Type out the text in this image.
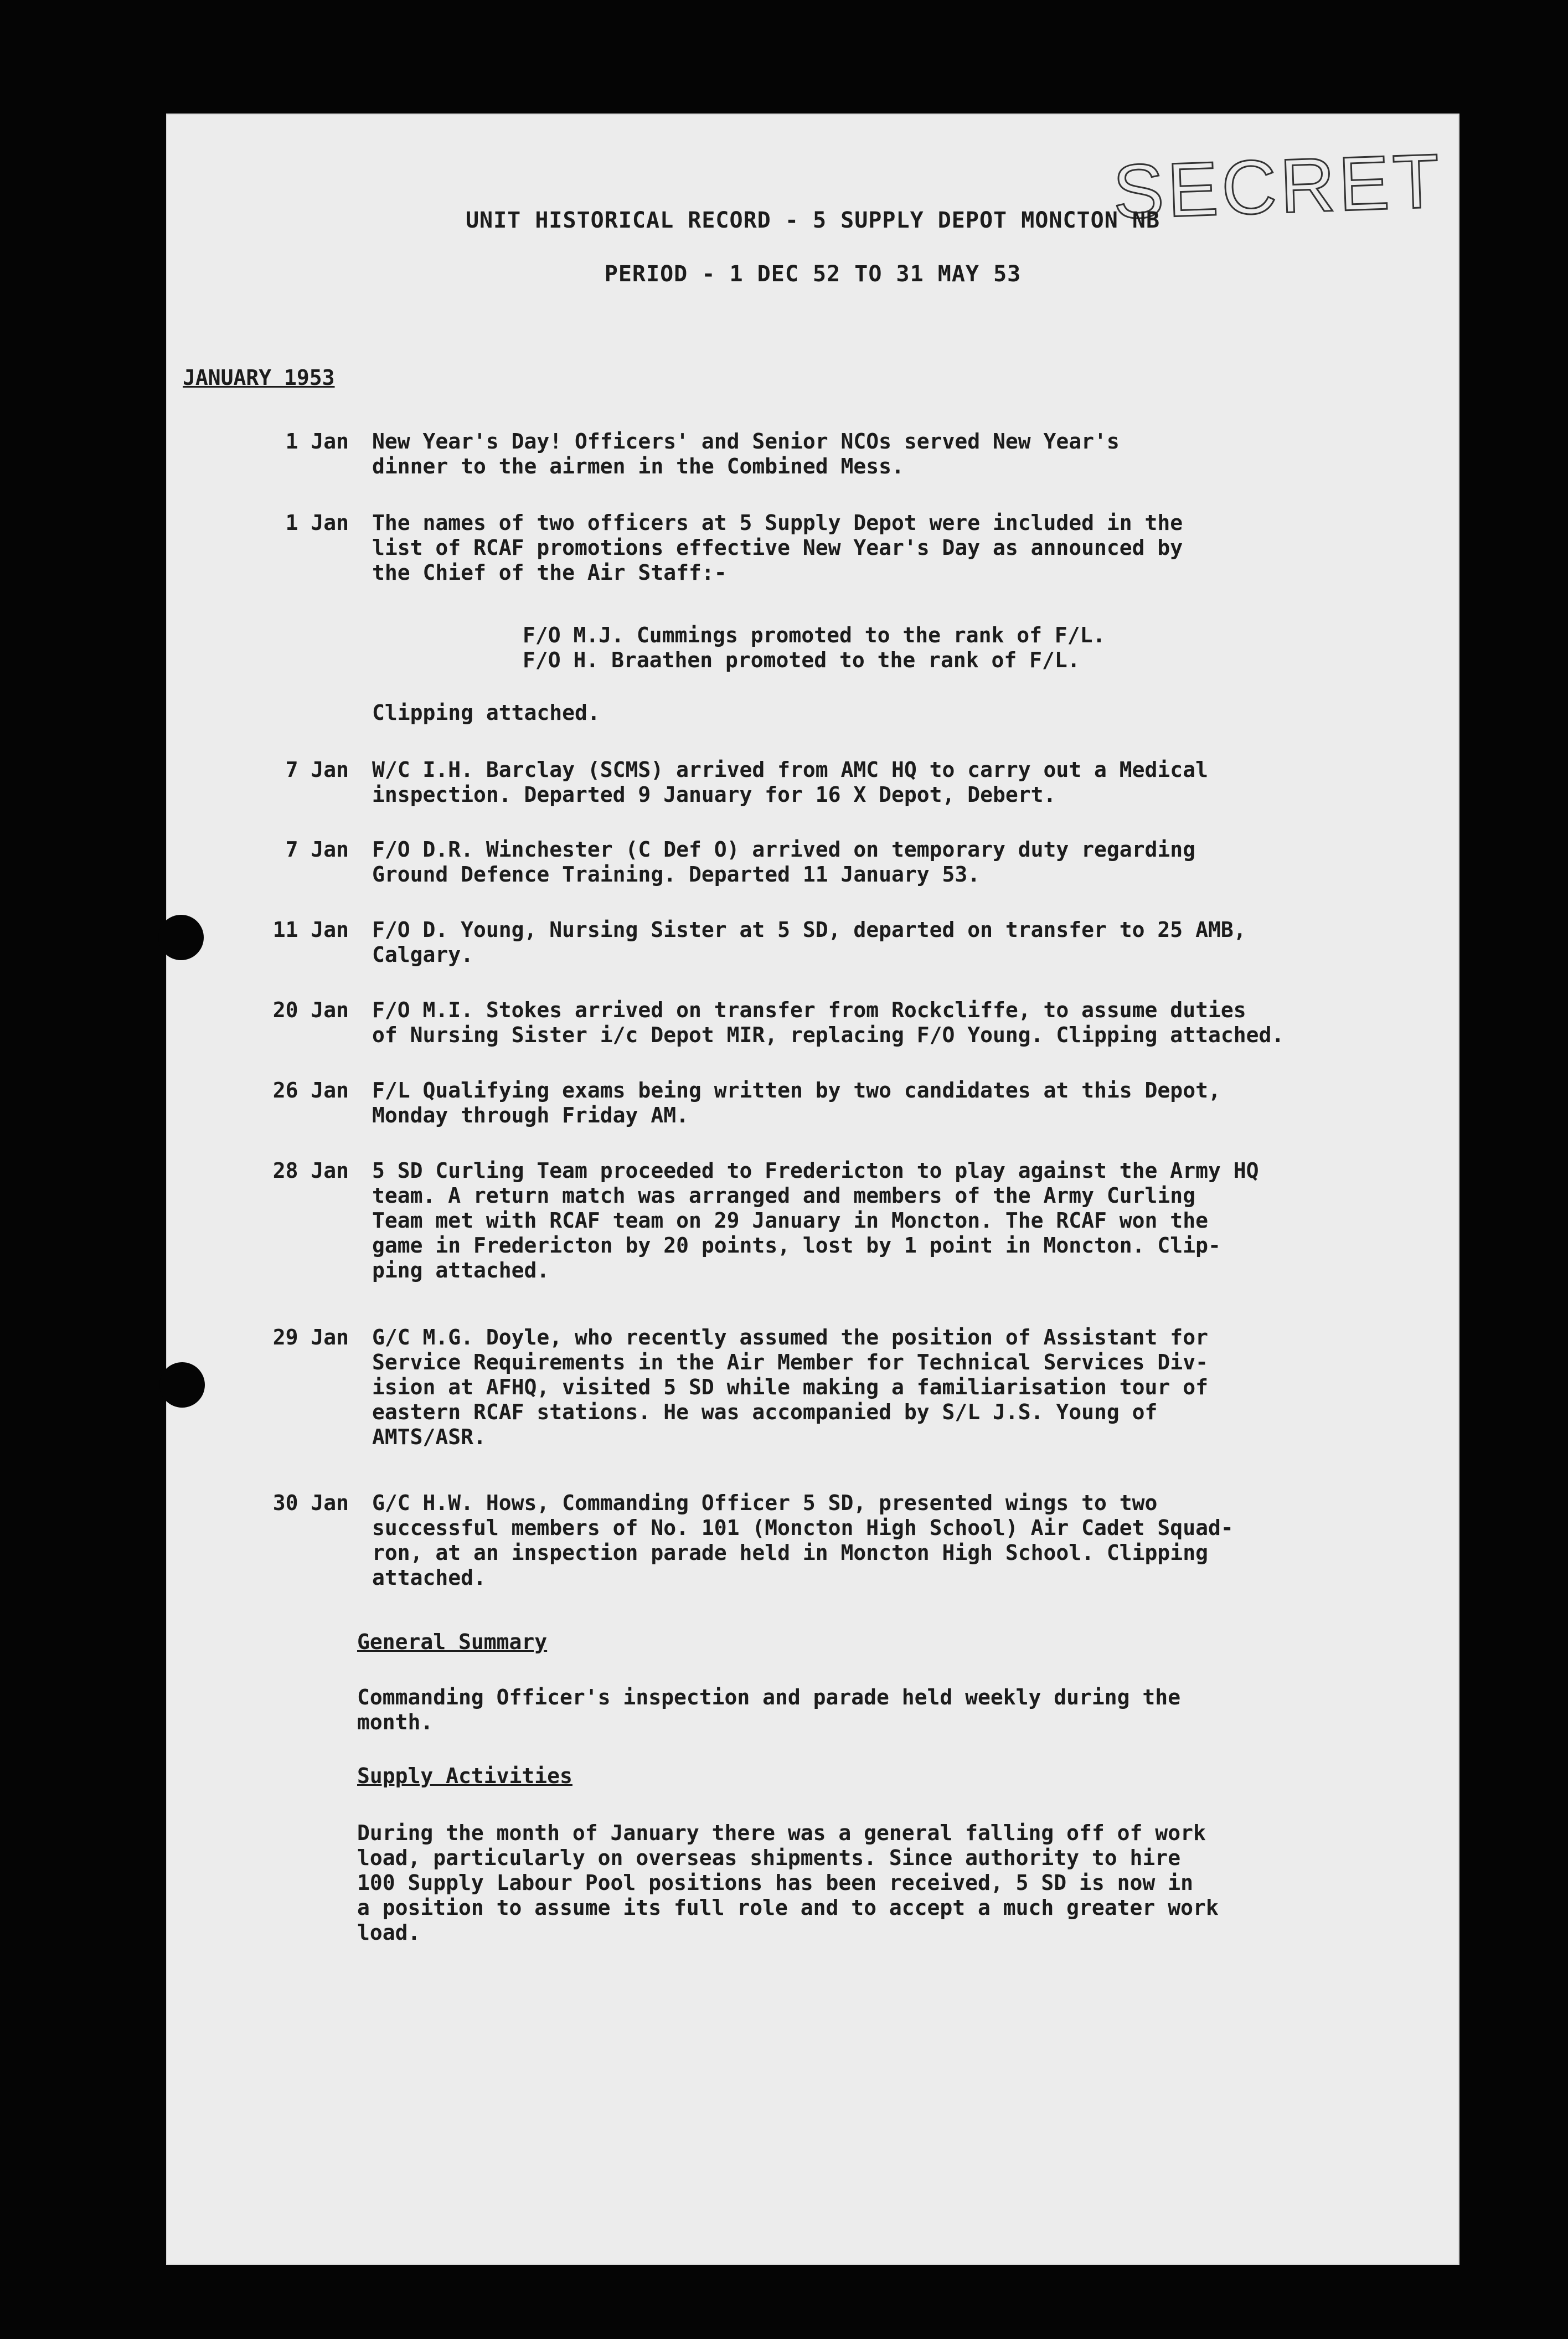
SECRET
UNIT HISTORICAL RECORD - 5 SUPPLY DEPOT MONCTON NB
PERIOD - 1 DEC 52 TO 31 MAY 53
JANUARY 1953
1 Jan New Year's Day! Officers' and Senior NCOs served New Year's
dinner to the airmen in the Combined Mess.
1 Jan The names of two officers at 5 Supply Depot were included in the
list of RCAF promotions effective New Year's Day as announced by
the Chief of the Air Staff:-
F/O M.J. Cummings promoted to the rank of F/L.
F/O H. Braathen promoted to the rank of F/L.
Clipping attached.
7 Jan W/C I.H. Barclay (SCMS) arrived from AMC HQ to carry out a Medical
inspection. Departed 9 January for 16 X Depot, Debert.
7 Jan F/O D.R. Winchester (C Def O) arrived on temporary duty regarding
Ground Defence Training. Departed 11 January 53.
11 Jan F/O D. Young, Nursing Sister at 5 SD, departed on transfer to 25 AMB,
Calgary.
20 Jan F/O M.I. Stokes arrived on transfer from Rockcliffe, to assume duties
of Nursing Sister i/c Depot MIR, replacing F/O Young. Clipping attached.
26 Jan F/L Qualifying exams being written by two candidates at this Depot,
Monday through Friday AM.
28 Jan 5 SD Curling Team proceeded to Fredericton to play against the Army HQ
team. A return match was arranged and members of the Army Curling
Team met with RCAF team on 29 January in Moncton. The RCAF won the
game in Fredericton by 20 points, lost by 1 point in Moncton. Clip-
ping attached.
29 Jan G/C M.G. Doyle, who recently assumed the position of Assistant for
Service Requirements in the Air Member for Technical Services Div-
ision at AFHQ, visited 5 SD while making a familiarisation tour of
eastern RCAF stations. He was accompanied by S/L J.S. Young of
AMTS/ASR.
30 Jan G/C H.W. Hows, Commanding Officer 5 SD, presented wings to two
successful members of No. 101 (Moncton High School) Air Cadet Squad-
ron, at an inspection parade held in Moncton High School. Clipping
attached.
General Summary
Commanding Officer's inspection and parade held weekly during the
month.
Supply Activities
During the month of January there was a general falling off of work
load, particularly on overseas shipments. Since authority to hire
100 Supply Labour Pool positions has been received, 5 SD is now in
a position to assume its full role and to accept a much greater work
load.
